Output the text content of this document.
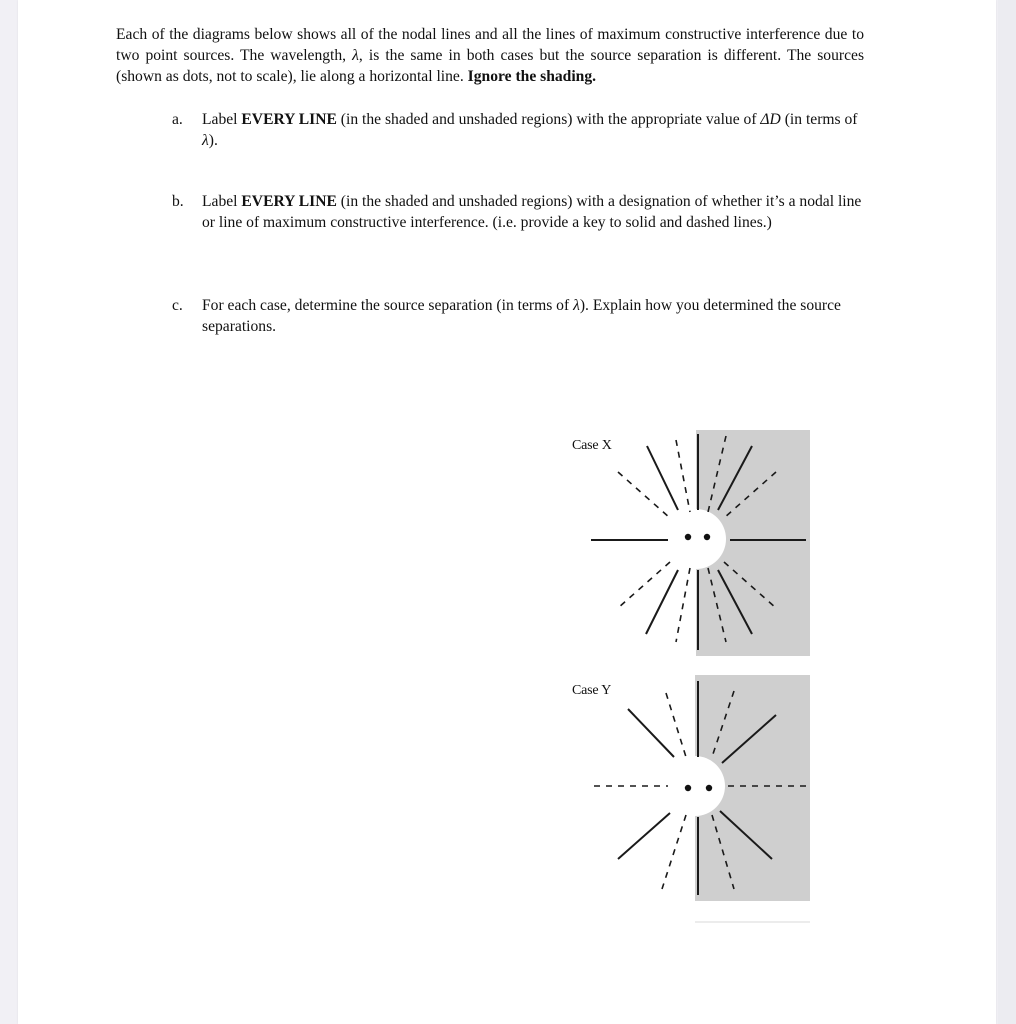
Each of the diagrams below shows all of the nodal lines and all the lines of maximum constructive interference due to two point sources. The wavelength, λ, is the same in both cases but the source separation is different. The sources (shown as dots, not to scale), lie along a horizontal line. Ignore the shading.
a.	Label EVERY LINE (in the shaded and unshaded regions) with the appropriate value of ΔD (in terms of λ).
b.	Label EVERY LINE (in the shaded and unshaded regions) with a designation of whether it’s a nodal line or line of maximum constructive interference. (i.e. provide a key to solid and dashed lines.)
c.	For each case, determine the source separation (in terms of λ). Explain how you determined the source separations.
Case X
Case Y
